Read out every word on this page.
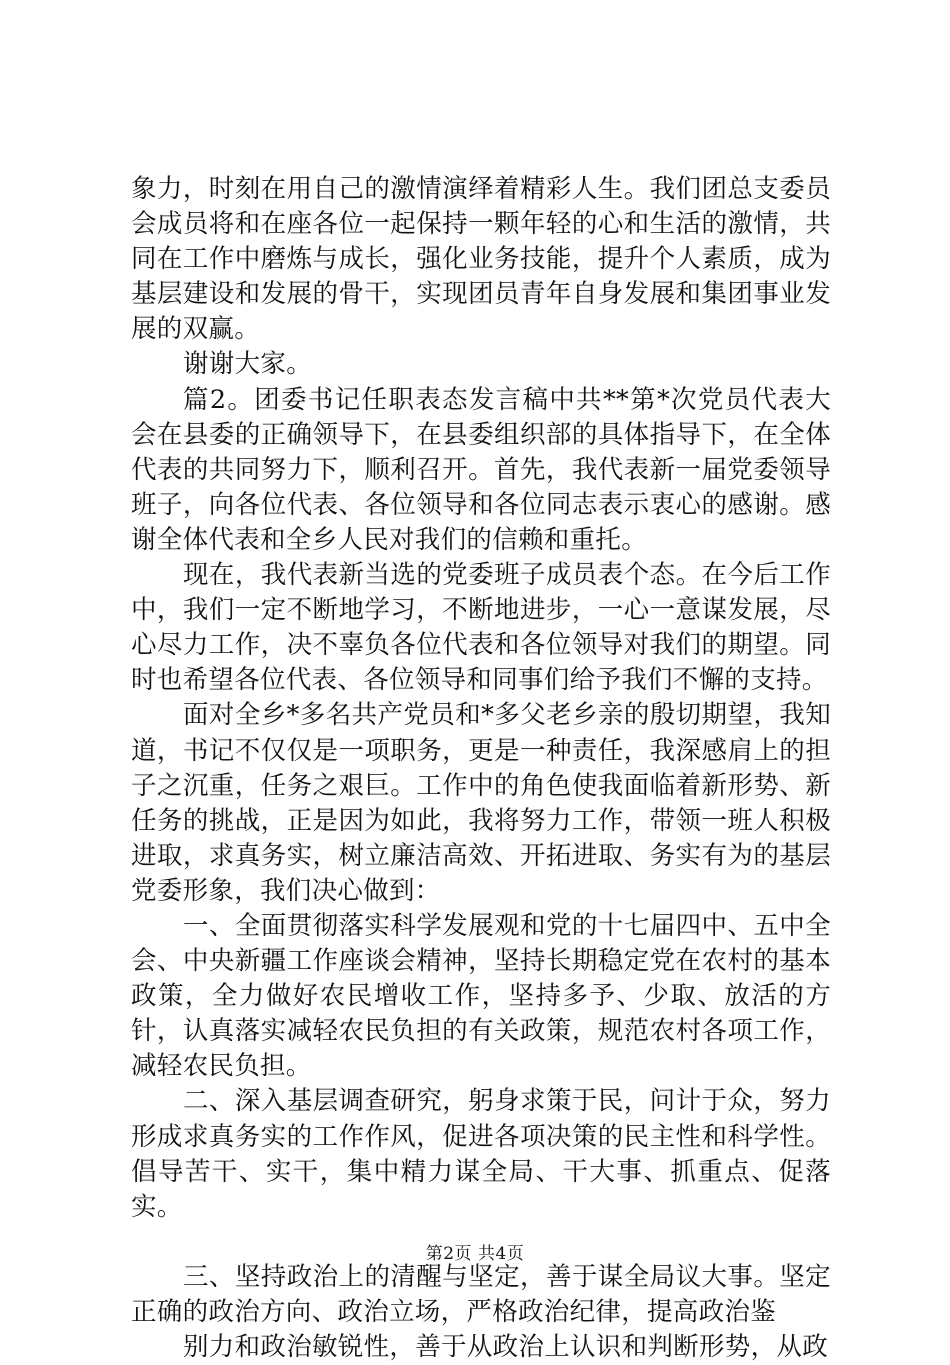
象力，时刻在用自己的激情演绎着精彩人生。我们团总支委员会成员将和在座各位一起保持一颗年轻的心和生活的激情，共同在工作中磨炼与成长，强化业务技能，提升个人素质，成为基层建设和发展的骨干，实现团员青年自身发展和集团事业发展的双赢。

谢谢大家。

篇2。团委书记任职表态发言稿中共**第*次党员代表大会在县委的正确领导下，在县委组织部的具体指导下，在全体代表的共同努力下，顺利召开。首先，我代表新一届党委领导班子，向各位代表、各位领导和各位同志表示衷心的感谢。感谢全体代表和全乡人民对我们的信赖和重托。

现在，我代表新当选的党委班子成员表个态。在今后工作中，我们一定不断地学习，不断地进步，一心一意谋发展，尽心尽力工作，决不辜负各位代表和各位领导对我们的期望。同时也希望各位代表、各位领导和同事们给予我们不懈的支持。

面对全乡*多名共产党员和*多父老乡亲的殷切期望，我知道，书记不仅仅是一项职务，更是一种责任，我深感肩上的担子之沉重，任务之艰巨。工作中的角色使我面临着新形势、新任务的挑战，正是因为如此，我将努力工作，带领一班人积极进取，求真务实，树立廉洁高效、开拓进取、务实有为的基层党委形象，我们决心做到：

一、全面贯彻落实科学发展观和党的十七届四中、五中全会、中央新疆工作座谈会精神，坚持长期稳定党在农村的基本政策，全力做好农民增收工作，坚持多予、少取、放活的方针，认真落实减轻农民负担的有关政策，规范农村各项工作，减轻农民负担。

二、深入基层调查研究，躬身求策于民，问计于众，努力形成求真务实的工作作风，促进各项决策的民主性和科学性。倡导苦干、实干，集中精力谋全局、干大事、抓重点、促落实。

三、坚持政治上的清醒与坚定，善于谋全局议大事。坚定正确的政治方向、政治立场，严格政治纪律，提高政治鉴

别力和政治敏锐性，善于从政治上认识和判断形势，从政

第2页 共4页
